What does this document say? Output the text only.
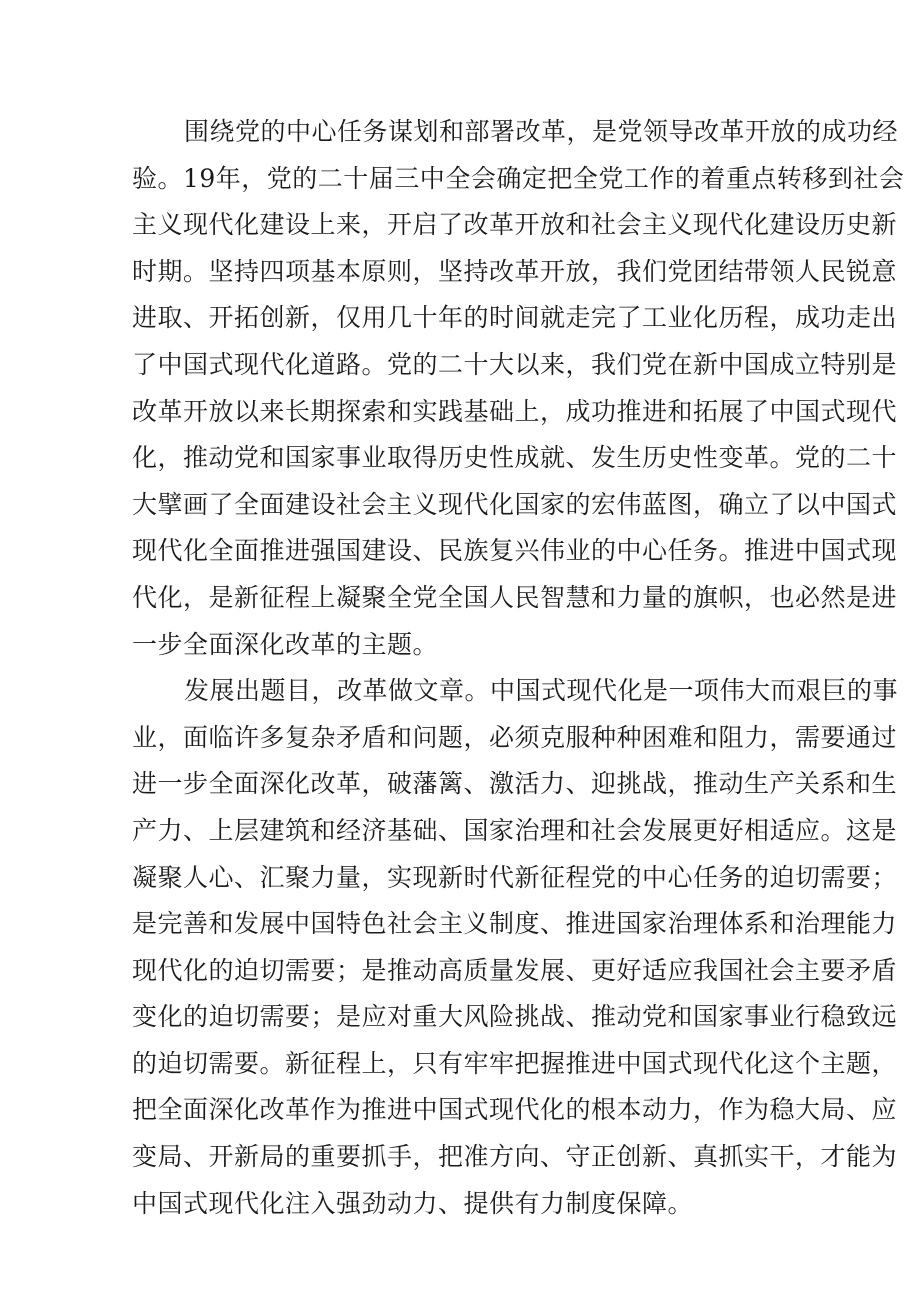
围绕党的中心任务谋划和部署改革，是党领导改革开放的成功经
验。19年，党的二十届三中全会确定把全党工作的着重点转移到社会
主义现代化建设上来，开启了改革开放和社会主义现代化建设历史新
时期。坚持四项基本原则，坚持改革开放，我们党团结带领人民锐意
进取、开拓创新，仅用几十年的时间就走完了工业化历程，成功走出
了中国式现代化道路。党的二十大以来，我们党在新中国成立特别是
改革开放以来长期探索和实践基础上，成功推进和拓展了中国式现代
化，推动党和国家事业取得历史性成就、发生历史性变革。党的二十
大擘画了全面建设社会主义现代化国家的宏伟蓝图，确立了以中国式
现代化全面推进强国建设、民族复兴伟业的中心任务。推进中国式现
代化，是新征程上凝聚全党全国人民智慧和力量的旗帜，也必然是进
一步全面深化改革的主题。
发展出题目，改革做文章。中国式现代化是一项伟大而艰巨的事
业，面临许多复杂矛盾和问题，必须克服种种困难和阻力，需要通过
进一步全面深化改革，破藩篱、激活力、迎挑战，推动生产关系和生
产力、上层建筑和经济基础、国家治理和社会发展更好相适应。这是
凝聚人心、汇聚力量，实现新时代新征程党的中心任务的迫切需要；
是完善和发展中国特色社会主义制度、推进国家治理体系和治理能力
现代化的迫切需要；是推动高质量发展、更好适应我国社会主要矛盾
变化的迫切需要；是应对重大风险挑战、推动党和国家事业行稳致远
的迫切需要。新征程上，只有牢牢把握推进中国式现代化这个主题，
把全面深化改革作为推进中国式现代化的根本动力，作为稳大局、应
变局、开新局的重要抓手，把准方向、守正创新、真抓实干，才能为
中国式现代化注入强劲动力、提供有力制度保障。
